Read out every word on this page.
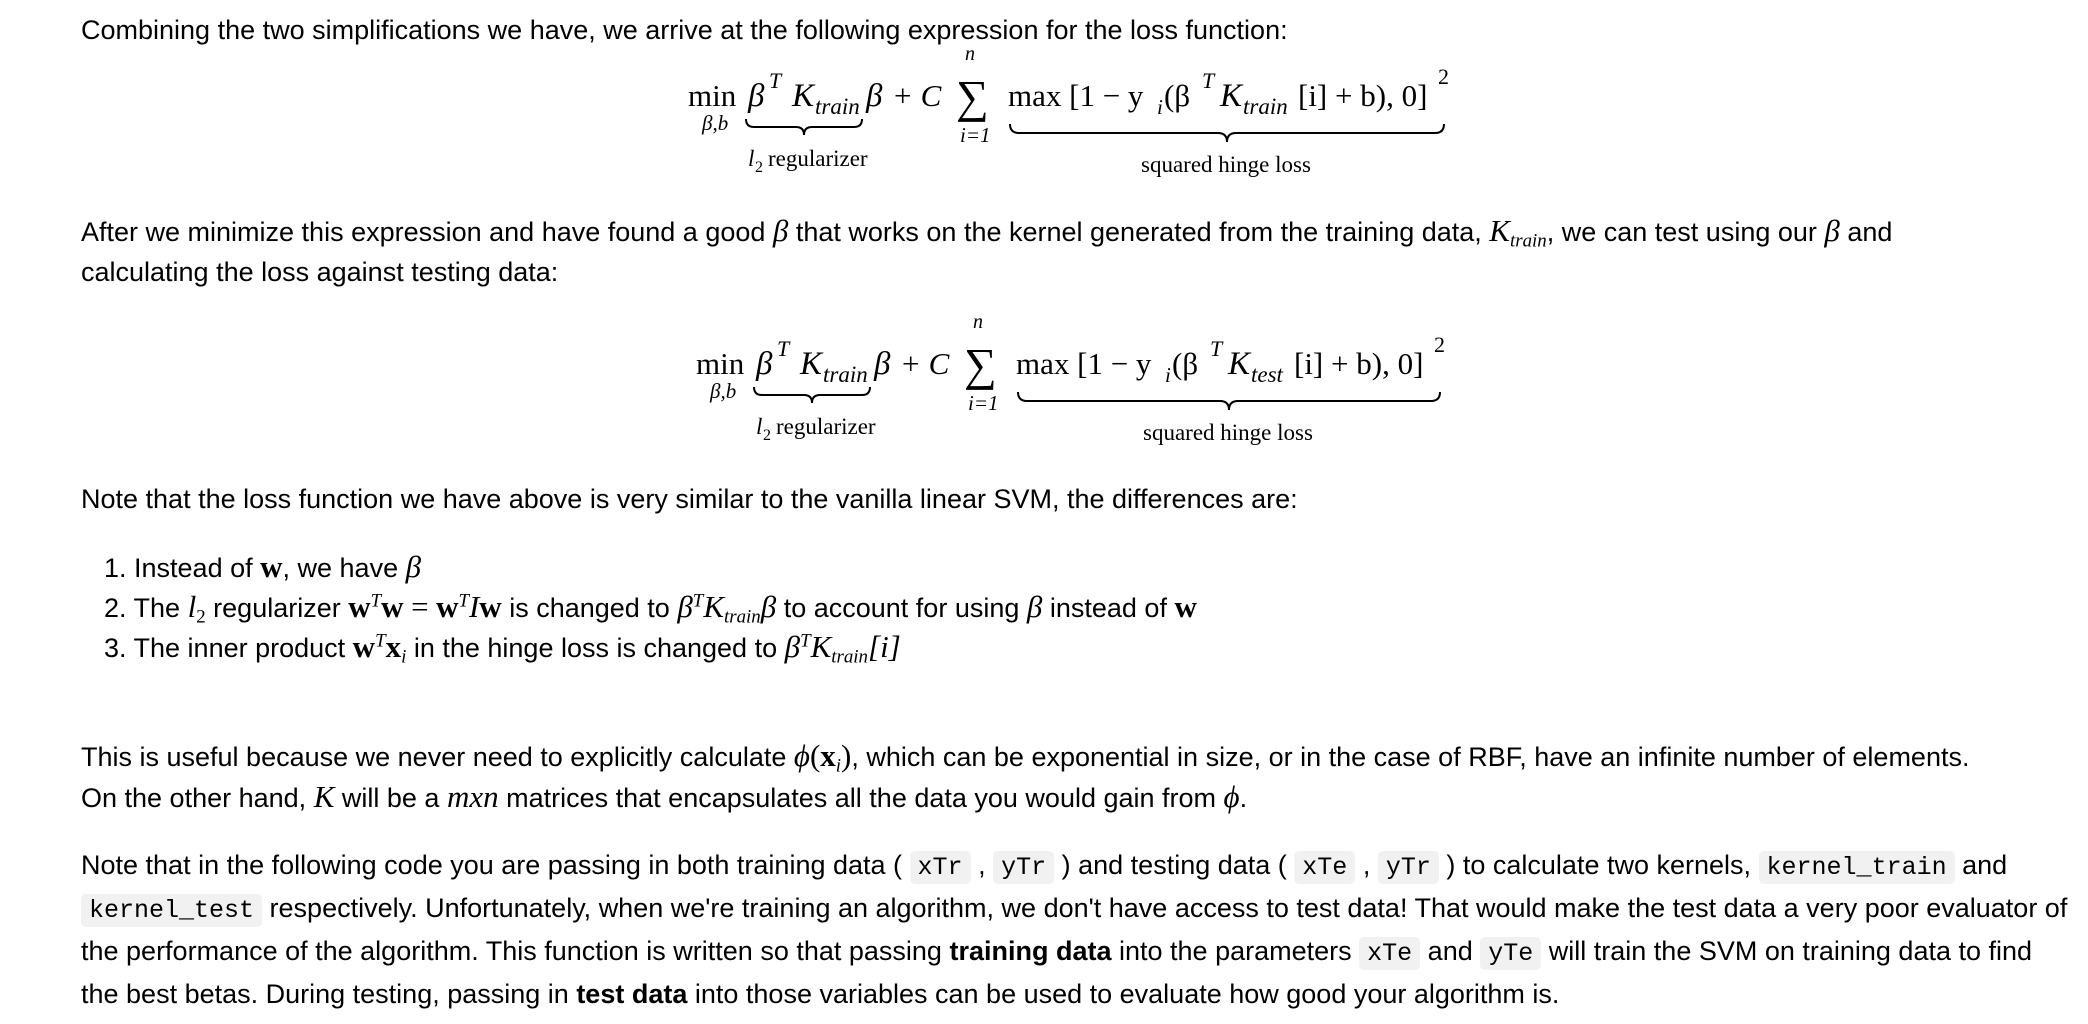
Combining the two simplifications we have, we arrive at the following expression for the loss function:

min
β,b
β T K train β + C
n
∑
i=1
max [1 − y i (β T K train [i] + b), 0]
2
l 2 regularizer	squared hinge loss

After we minimize this expression and have found a good β that works on the kernel generated from the training data, $K_{train}$, we can test using our β and
calculating the loss against testing data:

min
β,b
β T K train β + C
n
∑
i=1
max [1 − y i (β T K test [i] + b), 0]
2
l 2 regularizer	squared hinge loss

Note that the loss function we have above is very similar to the vanilla linear SVM, the differences are:

1. Instead of w, we have β
2. The $l_2$ regularizer $w^Tw = w^TIw$ is changed to $\beta^TK_{train}\beta$ to account for using β instead of w
3. The inner product $w^Tx_i$ in the hinge loss is changed to $\beta^TK_{train}[i]$

This is useful because we never need to explicitly calculate $\phi(x_i)$, which can be exponential in size, or in the case of RBF, have an infinite number of elements.
On the other hand, K will be a mxn matrices that encapsulates all the data you would gain from ϕ.

Note that in the following code you are passing in both training data ( xTr , yTr ) and testing data ( xTe , yTr ) to calculate two kernels, kernel_train and kernel_test respectively. Unfortunately, when we're training an algorithm, we don't have access to test data! That would make the test data a very poor evaluator of the performance of the algorithm. This function is written so that passing training data into the parameters xTe and yTe will train the SVM on training data to find the best betas. During testing, passing in test data into those variables can be used to evaluate how good your algorithm is.
